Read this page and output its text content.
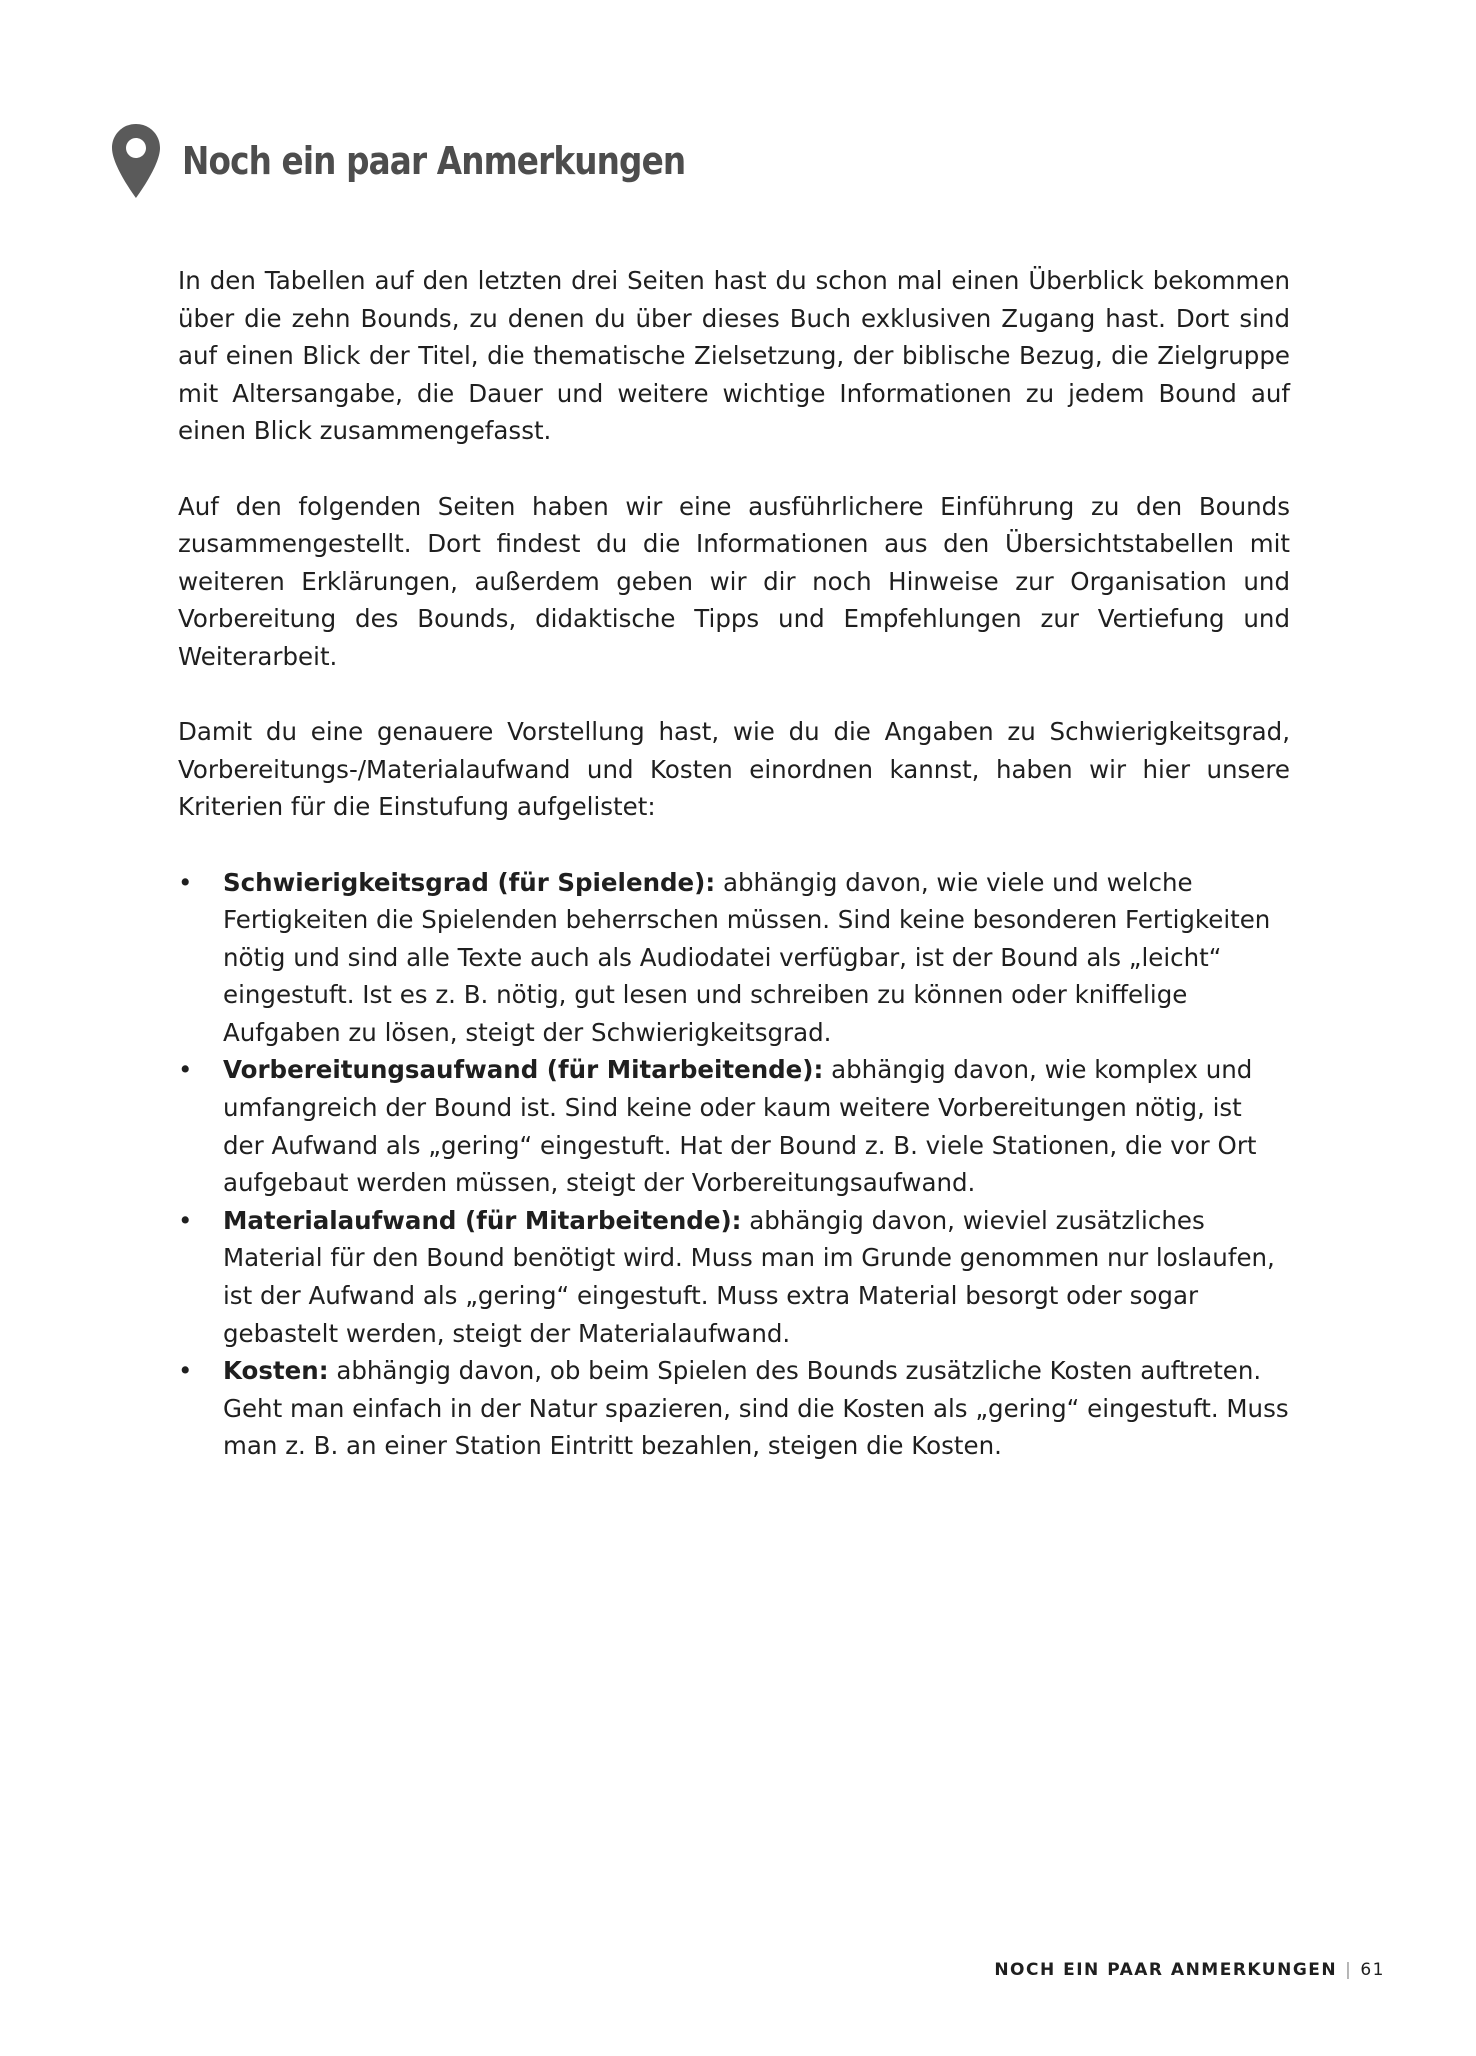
Noch ein paar Anmerkungen

In den Tabellen auf den letzten drei Seiten hast du schon mal einen Überblick bekommen über die zehn Bounds, zu denen du über dieses Buch exklusiven Zugang hast. Dort sind auf einen Blick der Titel, die thematische Zielsetzung, der biblische Bezug, die Zielgruppe mit Altersangabe, die Dauer und weitere wichtige Informationen zu jedem Bound auf einen Blick zusammengefasst.

Auf den folgenden Seiten haben wir eine ausführlichere Einführung zu den Bounds zusammengestellt. Dort findest du die Informationen aus den Übersichtstabellen mit weiteren Erklärungen, außerdem geben wir dir noch Hinweise zur Organisation und Vorbereitung des Bounds, didaktische Tipps und Empfehlungen zur Vertiefung und Weiterarbeit.

Damit du eine genauere Vorstellung hast, wie du die Angaben zu Schwierigkeitsgrad, Vorbereitungs-/Materialaufwand und Kosten einordnen kannst, haben wir hier unsere Kriterien für die Einstufung aufgelistet:

• Schwierigkeitsgrad (für Spielende): abhängig davon, wie viele und welche Fertigkeiten die Spielenden beherrschen müssen. Sind keine besonderen Fertigkeiten nötig und sind alle Texte auch als Audiodatei verfügbar, ist der Bound als „leicht“ eingestuft. Ist es z. B. nötig, gut lesen und schreiben zu können oder kniffelige Aufgaben zu lösen, steigt der Schwierigkeitsgrad.
• Vorbereitungsaufwand (für Mitarbeitende): abhängig davon, wie komplex und umfangreich der Bound ist. Sind keine oder kaum weitere Vorbereitungen nötig, ist der Aufwand als „gering“ eingestuft. Hat der Bound z. B. viele Stationen, die vor Ort aufgebaut werden müssen, steigt der Vorbereitungsaufwand.
• Materialaufwand (für Mitarbeitende): abhängig davon, wieviel zusätzliches Material für den Bound benötigt wird. Muss man im Grunde genommen nur loslaufen, ist der Aufwand als „gering“ eingestuft. Muss extra Material besorgt oder sogar gebastelt werden, steigt der Materialaufwand.
• Kosten: abhängig davon, ob beim Spielen des Bounds zusätzliche Kosten auftreten. Geht man einfach in der Natur spazieren, sind die Kosten als „gering“ eingestuft. Muss man z. B. an einer Station Eintritt bezahlen, steigen die Kosten.
NOCH EIN PAAR ANMERKUNGEN | 61
